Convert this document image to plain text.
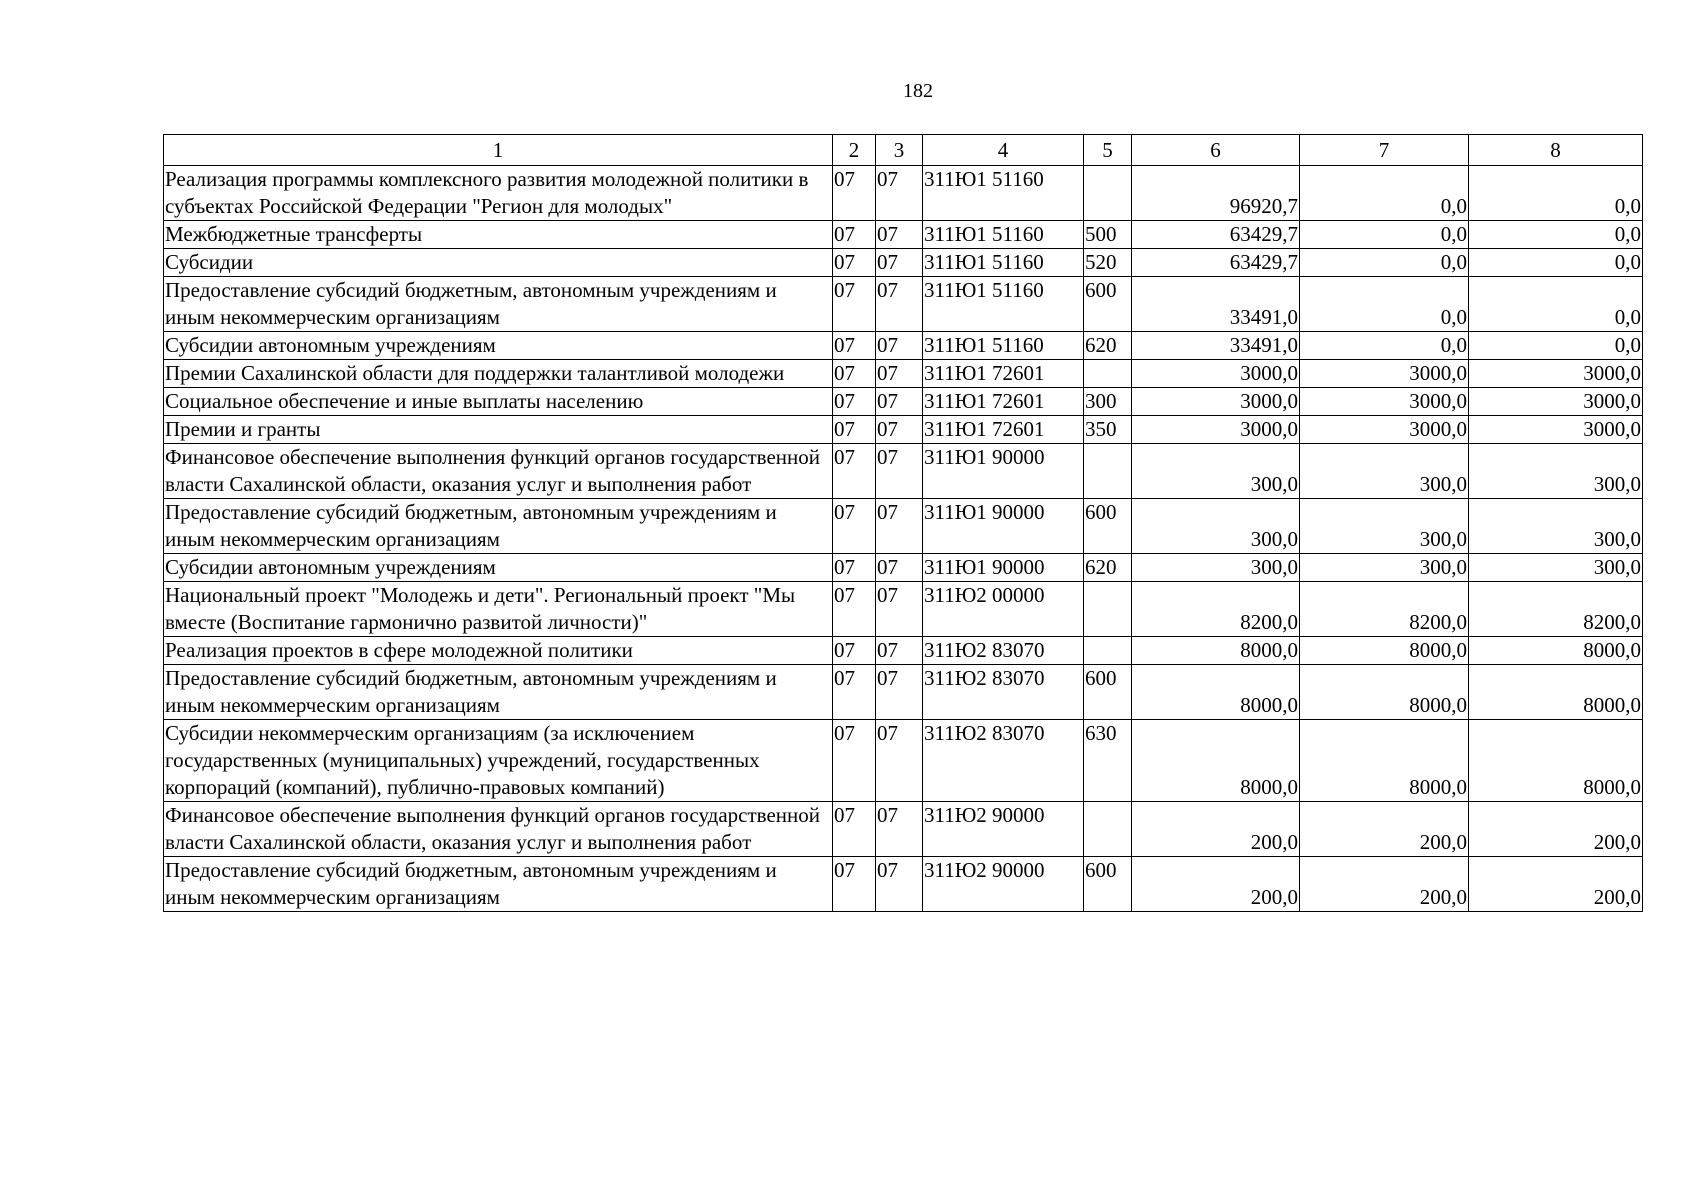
182
1	2	3	4	5	6	7	8
Реализация программы комплексного развития молодежной политики в субъектах Российской Федерации "Регион для молодых"	07	07	311Ю1 51160		96920,7	0,0	0,0
Межбюджетные трансферты	07	07	311Ю1 51160	500	63429,7	0,0	0,0
Субсидии	07	07	311Ю1 51160	520	63429,7	0,0	0,0
Предоставление субсидий бюджетным, автономным учреждениям и иным некоммерческим организациям	07	07	311Ю1 51160	600	33491,0	0,0	0,0
Субсидии автономным учреждениям	07	07	311Ю1 51160	620	33491,0	0,0	0,0
Премии Сахалинской области для поддержки талантливой молодежи	07	07	311Ю1 72601		3000,0	3000,0	3000,0
Социальное обеспечение и иные выплаты населению	07	07	311Ю1 72601	300	3000,0	3000,0	3000,0
Премии и гранты	07	07	311Ю1 72601	350	3000,0	3000,0	3000,0
Финансовое обеспечение выполнения функций органов государственной власти Сахалинской области, оказания услуг и выполнения работ	07	07	311Ю1 90000		300,0	300,0	300,0
Предоставление субсидий бюджетным, автономным учреждениям и иным некоммерческим организациям	07	07	311Ю1 90000	600	300,0	300,0	300,0
Субсидии автономным учреждениям	07	07	311Ю1 90000	620	300,0	300,0	300,0
Национальный проект "Молодежь и дети". Региональный проект "Мы вместе (Воспитание гармонично развитой личности)"	07	07	311Ю2 00000		8200,0	8200,0	8200,0
Реализация проектов в сфере молодежной политики	07	07	311Ю2 83070		8000,0	8000,0	8000,0
Предоставление субсидий бюджетным, автономным учреждениям и иным некоммерческим организациям	07	07	311Ю2 83070	600	8000,0	8000,0	8000,0
Субсидии некоммерческим организациям (за исключением государственных (муниципальных) учреждений, государственных корпораций (компаний), публично-правовых компаний)	07	07	311Ю2 83070	630	8000,0	8000,0	8000,0
Финансовое обеспечение выполнения функций органов государственной власти Сахалинской области, оказания услуг и выполнения работ	07	07	311Ю2 90000		200,0	200,0	200,0
Предоставление субсидий бюджетным, автономным учреждениям и иным некоммерческим организациям	07	07	311Ю2 90000	600	200,0	200,0	200,0
